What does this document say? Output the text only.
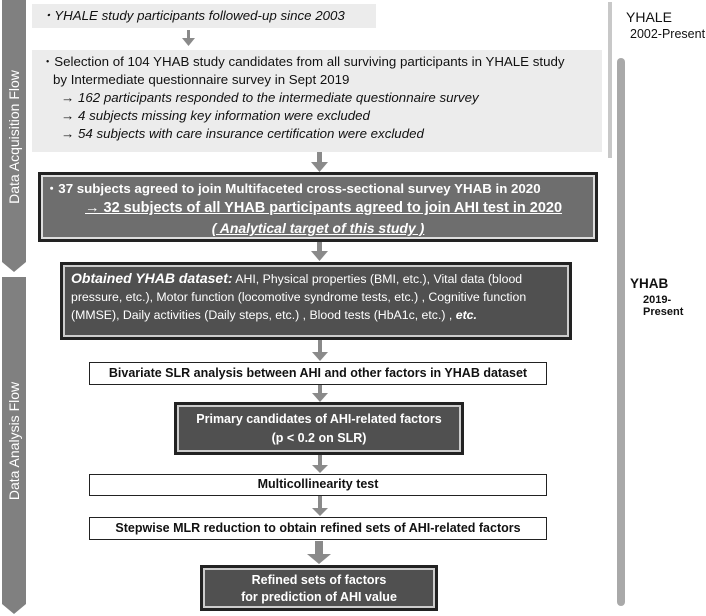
Data Acquisition Flow
Data Analysis Flow
YHALE
2002-Present
YHAB
2019-Present
・YHALE study participants followed-up since 2003
・Selection of 104 YHAB study candidates from all surviving participants in YHALE study
by Intermediate questionnaire survey in Sept 2019
→ 162 participants responded to the intermediate questionnaire survey
→ 4 subjects missing key information were excluded
→ 54 subjects with care insurance certification were excluded
・37 subjects agreed to join Multifaceted cross-sectional survey YHAB in 2020
→ 32 subjects of all YHAB participants agreed to join AHI test in 2020
( Analytical target of this study )
Obtained YHAB dataset: AHI, Physical properties (BMI, etc.), Vital data (blood
pressure, etc.), Motor function (locomotive syndrome tests, etc.) , Cognitive function
(MMSE), Daily activities (Daily steps, etc.) , Blood tests (HbA1c, etc.) , etc.
Bivariate SLR analysis between AHI and other factors in YHAB dataset
Primary candidates of AHI-related factors
(p < 0.2 on SLR)
Multicollinearity test
Stepwise MLR reduction to obtain refined sets of AHI-related factors
Refined sets of factors
for prediction of AHI value
